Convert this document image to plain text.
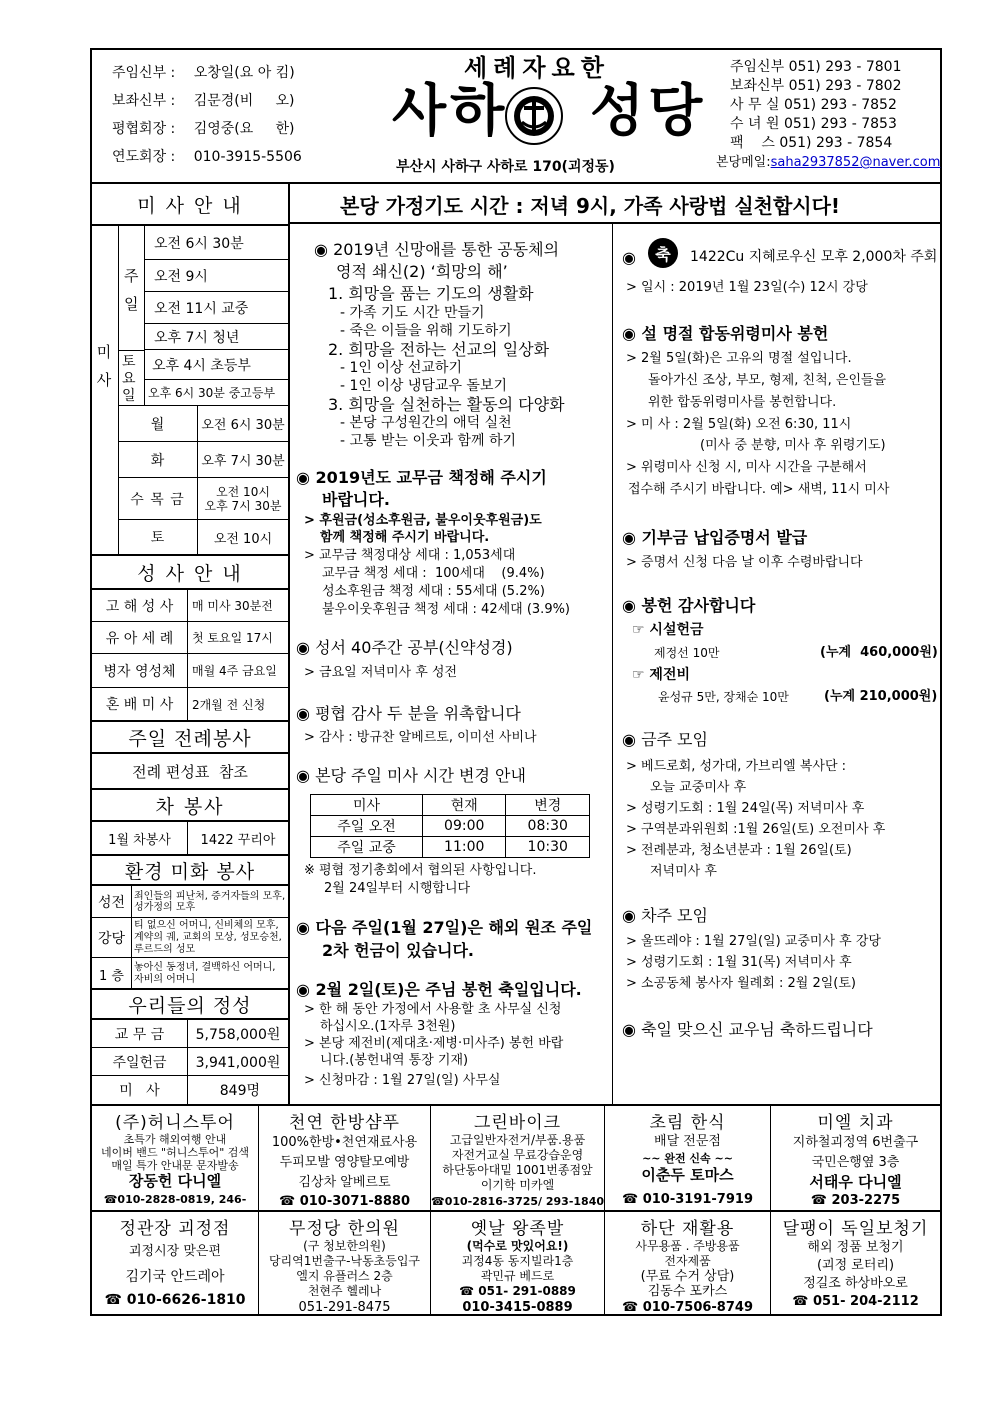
주임신부 : 오창일(요 아 킴)
보좌신부 : 김문경(비     오)
평협회장 : 김영중(요     한)
연도회장 : 010-3915-5506
세례자요한
사하 성당
부산시 사하구 사하로 170(괴정동)
주임신부 051) 293 - 7801
보좌신부 051) 293 - 7802
사 무 실 051) 293 - 7852
수 녀 원 051) 293 - 7853
팩    스 051) 293 - 7854
본당메일:saha2937852@naver.com
본당 가정기도 시간 : 저녁 9시, 가족 사랑법 실천합시다!
미 사 안 내
미 사
주 일
오전 6시 30분
오전 9시
오전 11시 교중
오후 7시 청년
토 요 일
오후 4시 초등부
오후 6시 30분 중고등부
월	오전 6시 30분
화	오후 7시 30분
수 목 금	오전 10시
오후 7시 30분
토	오전 10시
성 사 안 내
고 해 성 사	매 미사 30분전
유 아 세 례	첫 토요일 17시
병자 영성체	매월 4주 금요일
혼 배 미 사	2개월 전 신청
주일 전례봉사
전례 편성표  참조
차 봉사
1월 차봉사	1422 꾸리아
환경 미화 봉사
성전 죄인들의 피난처, 증거자들의 모후, 성가정의 모후
강당
티 없으신 어머니, 신비체의 모후, 계약의 궤, 교회의 모상, 성모승천, 루르드의 성모
1 층
놓아신 동정녀, 결백하신 어머니, 자비의 어머니
우리들의 정성
교 무 금	5,758,000원
주일헌금	3,941,000원
미   사	849명
◉ 2019년 신망애를 통한 공동체의
영적 쇄신(2) ‘희망의 해’
1. 희망을 품는 기도의 생활화
- 가족 기도 시간 만들기
- 죽은 이들을 위해 기도하기
2. 희망을 전하는 선교의 일상화
- 1인 이상 선교하기
- 1인 이상 냉담교우 돌보기
3. 희망을 실천하는 활동의 다양화
- 본당 구성원간의 애덕 실천
- 고통 받는 이웃과 함께 하기
◉ 2019년도 교무금 책정해 주시기
바랍니다.
> 후원금(성소후원금, 불우이웃후원금)도
함께 책정해 주시기 바랍니다.
> 교무금 책정대상 세대 : 1,053세대
교무금 책정 세대 :  100세대    (9.4%)
성소후원금 책정 세대 : 55세대 (5.2%)
불우이웃후원금 책정 세대 : 42세대 (3.9%)
◉ 성서 40주간 공부(신약성경)
> 금요일 저녁미사 후 성전
◉ 평협 감사 두 분을 위촉합니다
> 감사 : 방규찬 알베르토, 이미선 사비나
◉ 본당 주일 미사 시간 변경 안내
미사	현재	변경
주일 오전	09:00	08:30
주일 교중	11:00	10:30
※ 평협 정기총회에서 협의된 사항입니다.
2월 24일부터 시행합니다
◉ 다음 주일(1월 27일)은 해외 원조 주일
2차 헌금이 있습니다.
◉ 2월 2일(토)은 주님 봉헌 축일입니다.
> 한 해 동안 가정에서 사용할 초 사무실 신청
하십시오.(1자루 3천원)
> 본당 제전비(제대초·제병·미사주) 봉헌 바랍
니다.(봉헌내역 통장 기재)
> 신청마감 : 1월 27일(일) 사무실
◉	축	1422Cu 지혜로우신 모후 2,000차 주회
> 일시 : 2019년 1월 23일(수) 12시 강당
◉ 설 명절 합동위령미사 봉헌
> 2월 5일(화)은 고유의 명절 설입니다.
돌아가신 조상, 부모, 형제, 친척, 은인들을
위한 합동위령미사를 봉헌합니다.
> 미 사 : 2월 5일(화) 오전 6:30, 11시
(미사 중 분향, 미사 후 위령기도)
> 위령미사 신청 시, 미사 시간을 구분해서
접수해 주시기 바랍니다. 예> 새벽, 11시 미사
◉ 기부금 납입증명서 발급
> 증명서 신청 다음 날 이후 수령바랍니다
◉ 봉헌 감사합니다
☞ 시설헌금
제정선 10만	(누계  460,000원)
☞ 제전비
윤성규 5만, 장채순 10만	(누계 210,000원)
◉ 금주 모임
> 베드로회, 성가대, 가브리엘 복사단 :
오늘 교중미사 후
> 성령기도회 : 1월 24일(목) 저녁미사 후
> 구역분과위원회 :1월 26일(토) 오전미사 후
> 전례분과, 청소년분과 : 1월 26일(토)
저녁미사 후
◉ 차주 모임
> 울뜨레야 : 1월 27일(일) 교중미사 후 강당
> 성령기도회 : 1월 31(목) 저녁미사 후
> 소공동체 봉사자 월례회 : 2월 2일(토)
◉ 축일 맞으신 교우님 축하드립니다
(주)허니스투어
초특가 해외여행 안내
네이버 밴드 "허니스투어" 검색
매일 특가 안내문 문자발송
장동헌 다니엘
☎010-2828-0819, 246-
천연 한방샴푸
100%한방•천연재료사용
두피모발 영양탈모예방
김상차 알베르토
☎ 010-3071-8880
그린바이크
고급일반자전거/부품.용품
자전거교실 무료강습운영
하단동아대밑 1001번종점앞
이기학 미카엘
☎010-2816-3725/ 293-1840
초림 한식
배달 전문점
~~ 완전 신속 ~~
이춘두 토마스
☎ 010-3191-7919
미엘 치과
지하철괴정역 6번출구
국민은행옆 3층
서태우 다니엘
☎ 203-2275
정관장 괴정점
괴정시장 맞은편
김기국 안드레아
☎ 010-6626-1810
무정당 한의원
(구 청보한의원)
당리역1번출구-낙동초등입구
엘지 유플러스 2층
천현주 헬레나
051-291-8475
옛날 왕족발
(먹수로 맛있어요!)
괴정4동 동지빌라1층
곽민규 베드로
☎ 051- 291-0889
010-3415-0889
하단 재활용
사무용품 . 주방용품
전자제품
(무료 수거 상담)
김동수 포카스
☎ 010-7506-8749
달팽이 독일보청기
해외 정품 보청기
(괴정 로터리)
정길조 하상바오로
☎ 051- 204-2112
